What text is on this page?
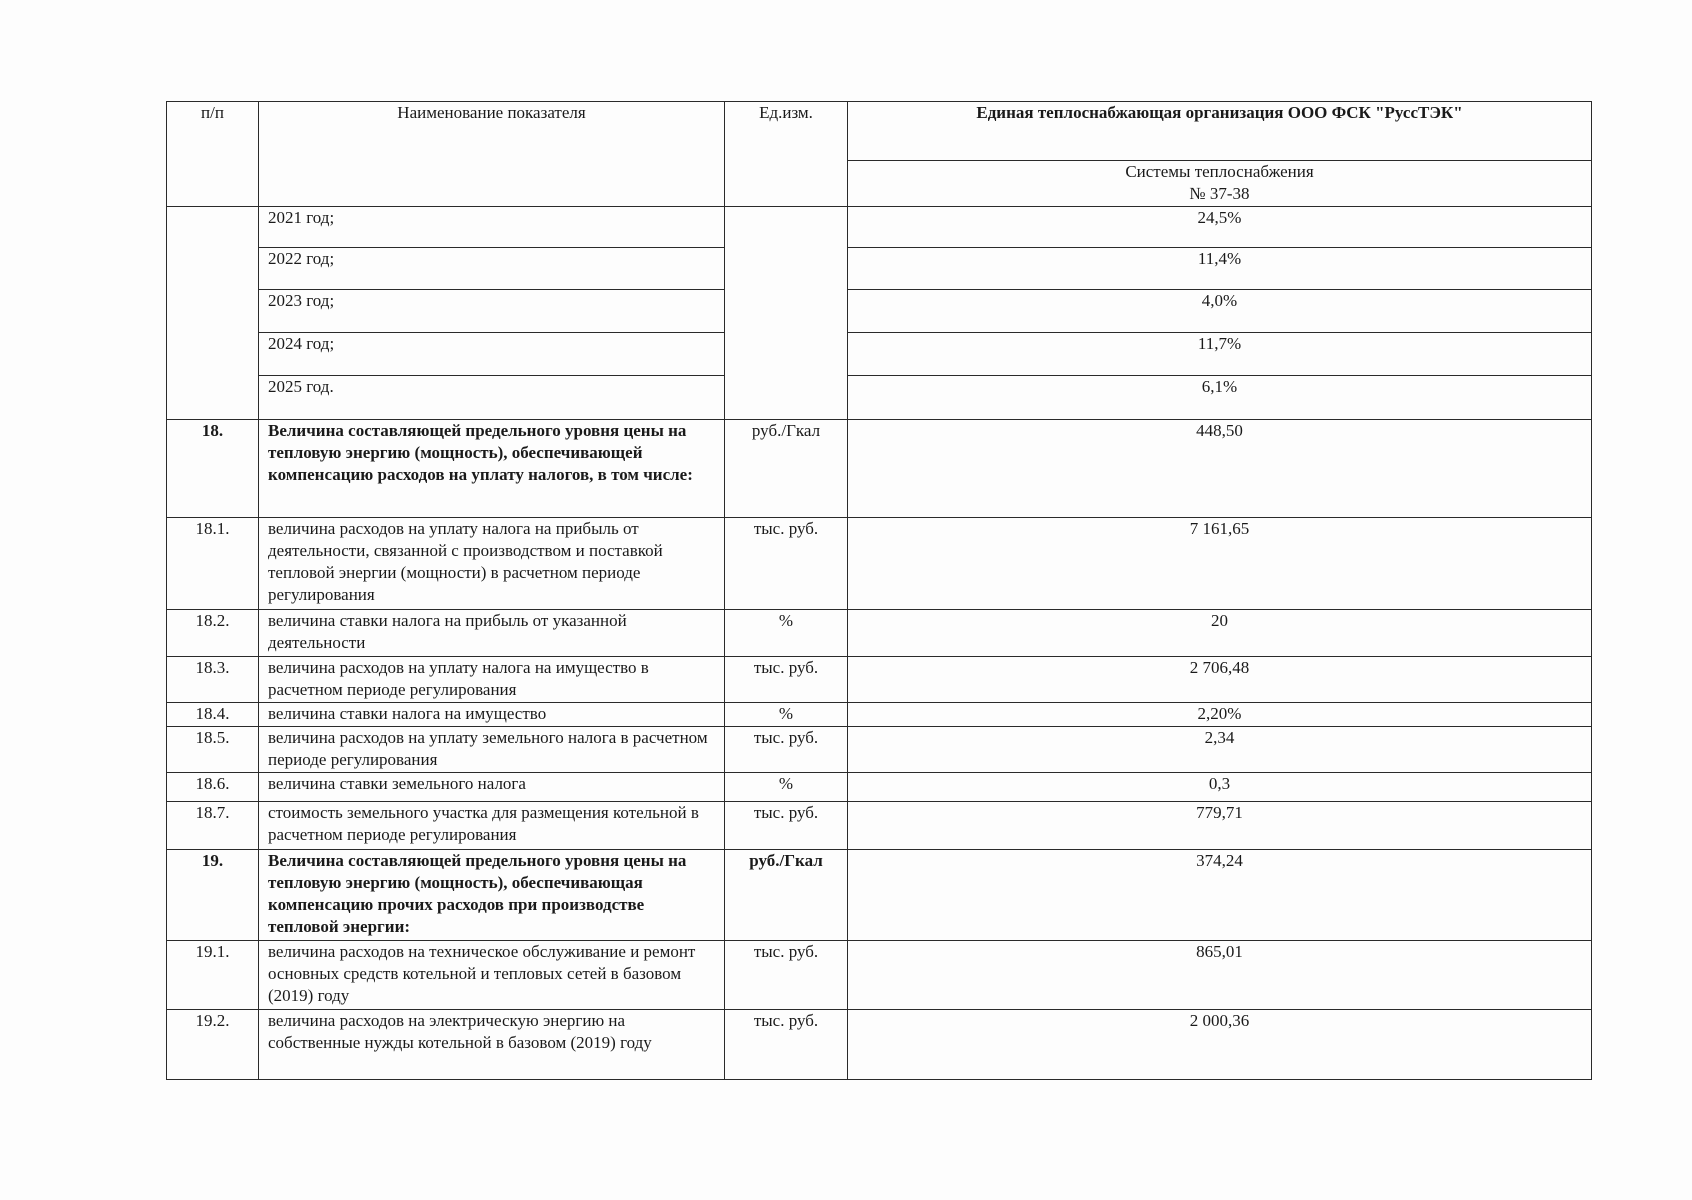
п/п	Наименование показателя	Ед.изм.	Единая теплоснабжающая организация ООО ФСК "РуссТЭК"

			Системы теплоснабжения
№ 37-38

	2021 год;		24,5%
	2022 год;		11,4%
	2023 год;		4,0%
	2024 год;		11,7%
	2025 год.		6,1%
18.	Величина составляющей предельного уровня цены на тепловую энергию (мощность), обеспечивающей компенсацию расходов на уплату налогов, в том числе:	руб./Гкал	448,50
18.1.	величина расходов на уплату налога на прибыль от деятельности, связанной с производством и поставкой тепловой энергии (мощности) в расчетном периоде регулирования	тыс. руб.	7 161,65
18.2.	величина ставки налога на прибыль от указанной деятельности	%	20
18.3.	величина расходов на уплату налога на имущество в расчетном периоде регулирования	тыс. руб.	2 706,48
18.4.	величина ставки налога на имущество	%	2,20%
18.5.	величина расходов на уплату земельного налога в расчетном периоде регулирования	тыс. руб.	2,34
18.6.	величина ставки земельного налога	%	0,3
18.7.	стоимость земельного участка для размещения котельной в расчетном периоде регулирования	тыс. руб.	779,71
19.	Величина составляющей предельного уровня цены на тепловую энергию (мощность), обеспечивающая компенсацию прочих расходов при производстве тепловой энергии:	руб./Гкал	374,24
19.1.	величина расходов на техническое обслуживание и ремонт основных средств котельной и тепловых сетей в базовом (2019) году	тыс. руб.	865,01
19.2.	величина расходов на электрическую энергию на собственные нужды котельной в базовом (2019) году	тыс. руб.	2 000,36
